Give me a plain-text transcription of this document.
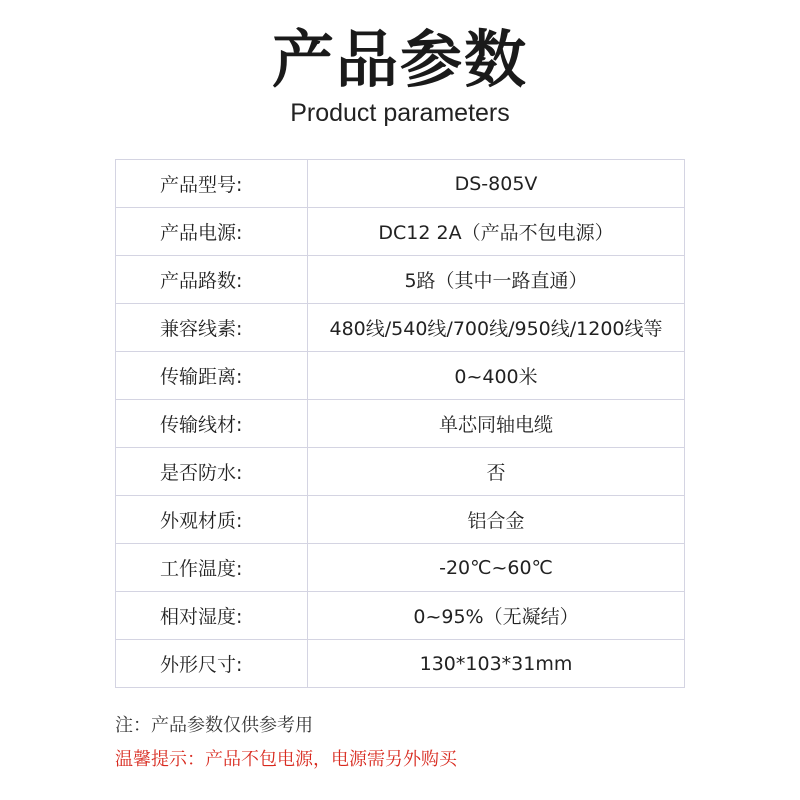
产品参数
Product parameters
产品型号:	DS-805V
产品电源:	DC12 2A（产品不包电源）
产品路数:	5路（其中一路直通）
兼容线素:	480线/540线/700线/950线/1200线等
传输距离:	0~400米
传输线材:	单芯同轴电缆
是否防水:	否
外观材质:	铝合金
工作温度:	-20℃~60℃
相对湿度:	0~95%（无凝结）
外形尺寸:	130*103*31mm
注：产品参数仅供参考用
温馨提示：产品不包电源，电源需另外购买
